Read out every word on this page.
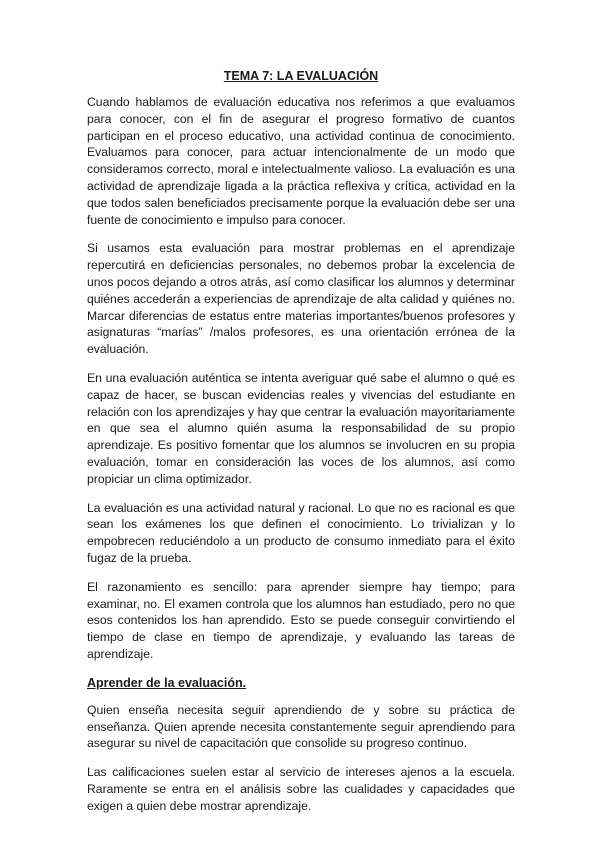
TEMA 7: LA EVALUACIÓN

Cuando hablamos de evaluación educativa nos referimos a que evaluamos para conocer, con el fin de asegurar el progreso formativo de cuantos participan en el proceso educativo, una actividad continua de conocimiento. Evaluamos para conocer, para actuar intencionalmente de un modo que consideramos correcto, moral e intelectualmente valioso. La evaluación es una actividad de aprendizaje ligada a la práctica reflexiva y crítica, actividad en la que todos salen beneficiados precisamente porque la evaluación debe ser una fuente de conocimiento e impulso para conocer.

Si usamos esta evaluación para mostrar problemas en el aprendizaje repercutirá en deficiencias personales, no debemos probar la excelencia de unos pocos dejando a otros atrás, así como clasificar los alumnos y determinar quiénes accederán a experiencias de aprendizaje de alta calidad y quiénes no. Marcar diferencias de estatus entre materias importantes/buenos profesores y asignaturas “marías” /malos profesores, es una orientación errónea de la evaluación.

En una evaluación auténtica se intenta averiguar qué sabe el alumno o qué es capaz de hacer, se buscan evidencias reales y vivencias del estudiante en relación con los aprendizajes y hay que centrar la evaluación mayoritariamente en que sea el alumno quién asuma la responsabilidad de su propio aprendizaje. Es positivo fomentar que los alumnos se involucren en su propia evaluación, tomar en consideración las voces de los alumnos, así como propiciar un clima optimizador.

La evaluación es una actividad natural y racional. Lo que no es racional es que sean los exámenes los que definen el conocimiento. Lo trivializan y lo empobrecen reduciéndolo a un producto de consumo inmediato para el éxito fugaz de la prueba.

El razonamiento es sencillo: para aprender siempre hay tiempo; para examinar, no. El examen controla que los alumnos han estudiado, pero no que esos contenidos los han aprendido. Esto se puede conseguir convirtiendo el tiempo de clase en tiempo de aprendizaje, y evaluando las tareas de aprendizaje.

Aprender de la evaluación.

Quien enseña necesita seguir aprendiendo de y sobre su práctica de enseñanza. Quien aprende necesita constantemente seguir aprendiendo para asegurar su nivel de capacitación que consolide su progreso continuo.

Las calificaciones suelen estar al servicio de intereses ajenos a la escuela. Raramente se entra en el análisis sobre las cualidades y capacidades que exigen a quien debe mostrar aprendizaje.
